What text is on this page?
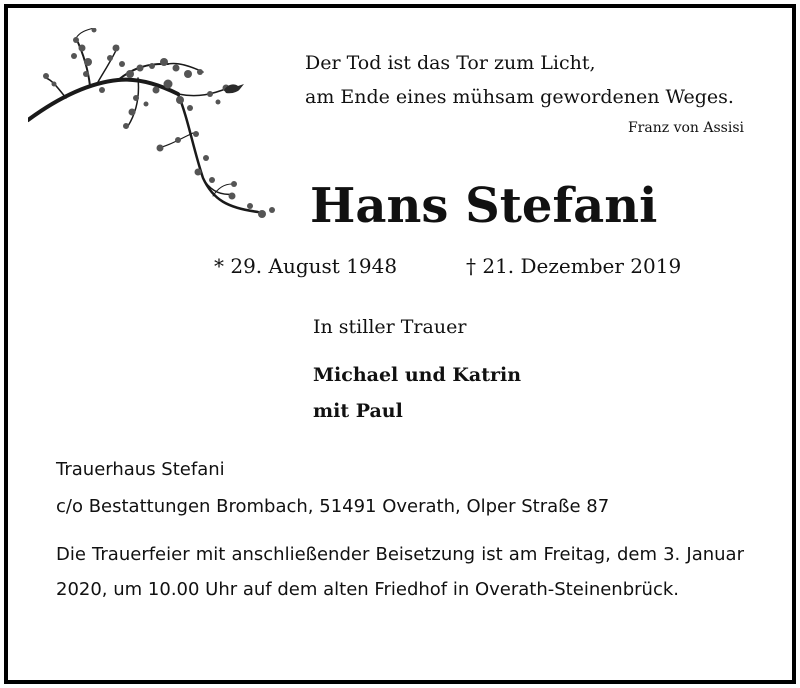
Der Tod ist das Tor zum Licht,
am Ende eines mühsam gewordenen Weges.
Franz von Assisi
Hans Stefani
* 29. August 1948	† 21. Dezember 2019
In stiller Trauer
Michael und Katrin
mit Paul
Trauerhaus Stefani
c/o Bestattungen Brombach, 51491 Overath, Olper Straße 87
Die Trauerfeier mit anschließender Beisetzung ist am Freitag, dem 3. Januar 2020, um 10.00 Uhr auf dem alten Friedhof in Overath-Steinenbrück.
